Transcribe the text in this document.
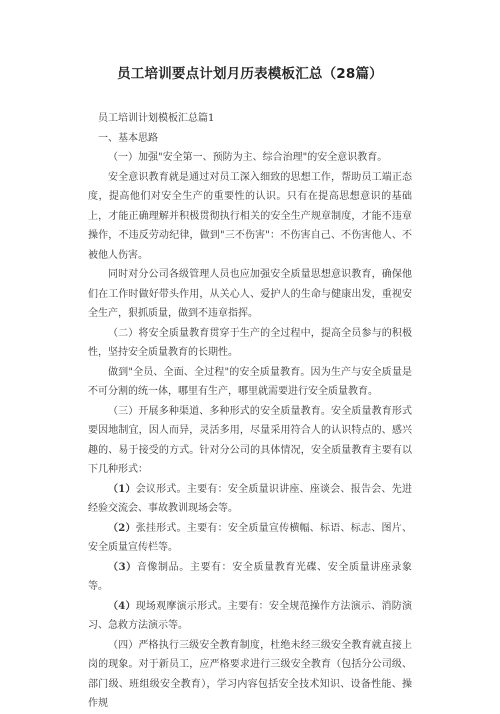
员工培训要点计划月历表模板汇总（28篇）

员工培训计划模板汇总篇1

一、基本思路

（一）加强"安全第一、预防为主、综合治理"的安全意识教育。

安全意识教育就是通过对员工深入细致的思想工作，帮助员工端正态度，提高他们对安全生产的重要性的认识。只有在提高思想意识的基础上，才能正确理解并积极贯彻执行相关的安全生产规章制度，才能不违章操作，不违反劳动纪律，做到"三不伤害"：不伤害自己、不伤害他人、不被他人伤害。

同时对分公司各级管理人员也应加强安全质量思想意识教育，确保他们在工作时做好带头作用，从关心人、爱护人的生命与健康出发，重视安全生产，狠抓质量，做到不违章指挥。

（二）将安全质量教育贯穿于生产的全过程中，提高全员参与的积极性，坚持安全质量教育的长期性。

做到"全员、全面、全过程"的安全质量教育。因为生产与安全质量是不可分割的统一体，哪里有生产，哪里就需要进行安全质量教育。

（三）开展多种渠道、多种形式的安全质量教育。安全质量教育形式要因地制宜，因人而异，灵活多用，尽量采用符合人的认识特点的、感兴趣的、易于接受的方式。针对分公司的具体情况，安全质量教育主要有以下几种形式：

（1）会议形式。主要有：安全质量识讲座、座谈会、报告会、先进经验交流会、事故教训现场会等。

（2）张挂形式。主要有：安全质量宣传横幅、标语、标志、图片、安全质量宣传栏等。

（3）音像制品。主要有：安全质量教育光碟、安全质量讲座录象等。

（4）现场观摩演示形式。主要有：安全规范操作方法演示、消防演习、急救方法演示等。

（四）严格执行三级安全教育制度，杜绝未经三级安全教育就直接上岗的现象。对于新员工，应严格要求进行三级安全教育（包括分公司级、部门级、班组级安全教育），学习内容包括安全技术知识、设备性能、操作规
